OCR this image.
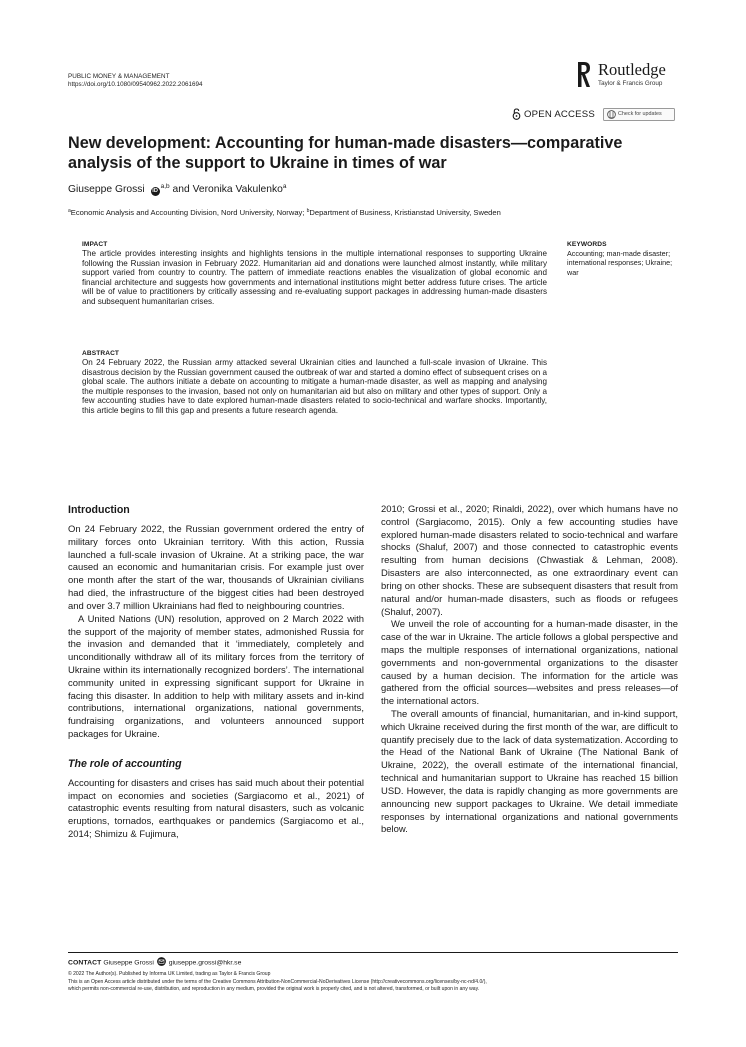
PUBLIC MONEY & MANAGEMENT
https://doi.org/10.1080/09540962.2022.2061694
Routledge
Taylor & Francis Group
OPEN ACCESS	Check for updates
New development: Accounting for human-made disasters—comparative analysis of the support to Ukraine in times of war
Giuseppe Grossi iD$^{a,b}$ and Veronika Vakulenko$^a$
$^a$Economic Analysis and Accounting Division, Nord University, Norway; $^b$Department of Business, Kristianstad University, Sweden
IMPACT

The article provides interesting insights and highlights tensions in the multiple international responses to supporting Ukraine following the Russian invasion in February 2022. Humanitarian aid and donations were launched almost instantly, while military support varied from country to country. The pattern of immediate reactions enables the visualization of global economic and financial architecture and suggests how governments and international institutions might better address future crises. The article will be of value to practitioners by critically assessing and re-evaluating support packages in addressing human-made disasters and subsequent humanitarian crises.

KEYWORDS

Accounting; man-made disaster; international responses; Ukraine; war

ABSTRACT

On 24 February 2022, the Russian army attacked several Ukrainian cities and launched a full-scale invasion of Ukraine. This disastrous decision by the Russian government caused the outbreak of war and started a domino effect of subsequent crises on a global scale. The authors initiate a debate on accounting to mitigate a human-made disaster, as well as mapping and analysing the multiple responses to the invasion, based not only on humanitarian aid but also on military and other types of support. Only a few accounting studies have to date explored human-made disasters related to socio-technical and warfare shocks. Importantly, this article begins to fill this gap and presents a future research agenda.

Introduction

On 24 February 2022, the Russian government ordered the entry of military forces onto Ukrainian territory. With this action, Russia launched a full-scale invasion of Ukraine. At a striking pace, the war caused an economic and humanitarian crisis. For example just over one month after the start of the war, thousands of Ukrainian civilians had died, the infrastructure of the biggest cities had been destroyed and over 3.7 million Ukrainians had fled to neighbouring countries.

A United Nations (UN) resolution, approved on 2 March 2022 with the support of the majority of member states, admonished Russia for the invasion and demanded that it ‘immediately, completely and unconditionally withdraw all of its military forces from the territory of Ukraine within its internationally recognized borders’. The international community united in expressing significant support for Ukraine in facing this disaster. In addition to help with military assets and in-kind contributions, international organizations, national governments, fundraising organizations, and volunteers announced support packages for Ukraine.

The role of accounting

Accounting for disasters and crises has said much about their potential impact on economies and societies (Sargiacomo et al., 2021) of catastrophic events resulting from natural disasters, such as volcanic eruptions, tornados, earthquakes or pandemics (Sargiacomo et al., 2014; Shimizu & Fujimura,

2010; Grossi et al., 2020; Rinaldi, 2022), over which humans have no control (Sargiacomo, 2015). Only a few accounting studies have explored human-made disasters related to socio-technical and warfare shocks (Shaluf, 2007) and those connected to catastrophic events resulting from human decisions (Chwastiak & Lehman, 2008). Disasters are also interconnected, as one extraordinary event can bring on other shocks. These are subsequent disasters that result from natural and/or human-made disasters, such as floods or refugees (Shaluf, 2007).

We unveil the role of accounting for a human-made disaster, in the case of the war in Ukraine. The article follows a global perspective and maps the multiple responses of international organizations, national governments and non-governmental organizations to the disaster caused by a human decision. The information for the article was gathered from the official sources—websites and press releases—of the international actors.

The overall amounts of financial, humanitarian, and in-kind support, which Ukraine received during the first month of the war, are difficult to quantify precisely due to the lack of data systematization. According to the Head of the National Bank of Ukraine (The National Bank of Ukraine, 2022), the overall estimate of the international financial, technical and humanitarian support to Ukraine has reached 15 billion USD. However, the data is rapidly changing as more governments are announcing new support packages to Ukraine. We detail immediate responses by international organizations and national governments below.

CONTACT Giuseppe Grossi giuseppe.grossi@hkr.se
© 2022 The Author(s). Published by Informa UK Limited, trading as Taylor & Francis Group
This is an Open Access article distributed under the terms of the Creative Commons Attribution-NonCommercial-NoDerivatives License (http://creativecommons.org/licenses/by-nc-nd/4.0/),
which permits non-commercial re-use, distribution, and reproduction in any medium, provided the original work is properly cited, and is not altered, transformed, or built upon in any way.
